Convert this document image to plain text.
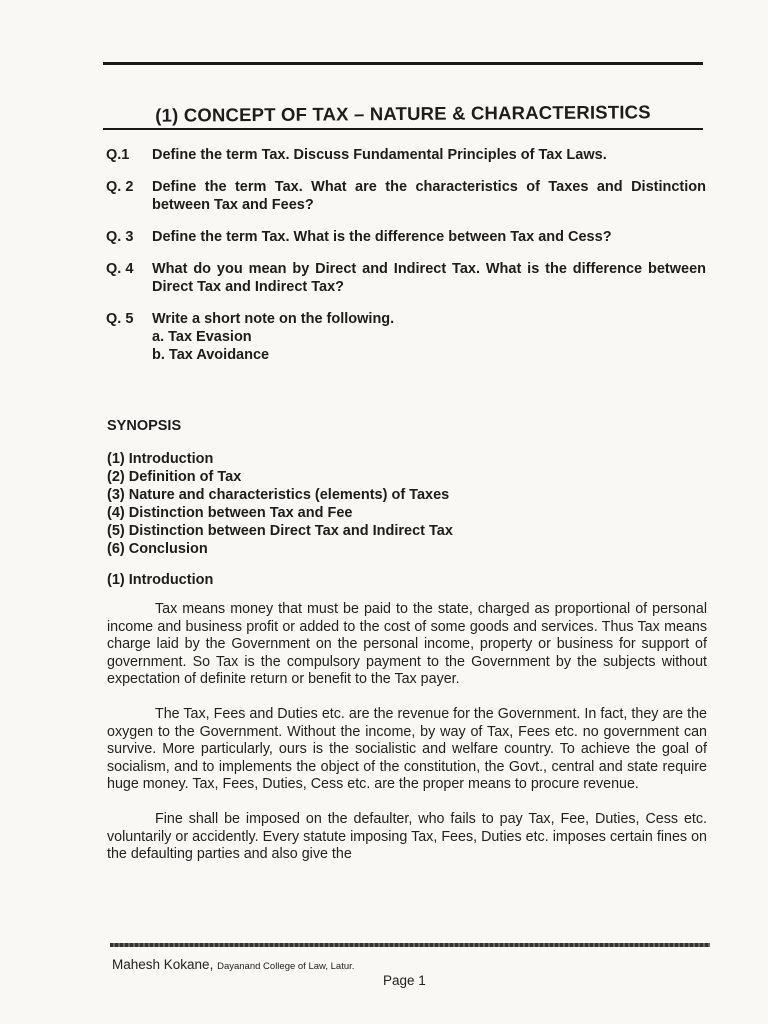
(1) CONCEPT OF TAX – NATURE & CHARACTERISTICS
Q.1	Define the term Tax. Discuss Fundamental Principles of Tax Laws.
Q. 2	Define the term Tax. What are the characteristics of Taxes and Distinction between Tax and Fees?
Q. 3	Define the term Tax. What is the difference between Tax and Cess?
Q. 4	What do you mean by Direct and Indirect Tax. What is the difference between Direct Tax and Indirect Tax?
Q. 5	Write a short note on the following.
a. Tax Evasion
b. Tax Avoidance
SYNOPSIS
(1) Introduction
(2) Definition of Tax
(3) Nature and characteristics (elements) of Taxes
(4) Distinction between Tax and Fee
(5) Distinction between Direct Tax and Indirect Tax
(6) Conclusion
(1) Introduction

Tax means money that must be paid to the state, charged as proportional of personal income and business profit or added to the cost of some goods and services. Thus Tax means charge laid by the Government on the personal income, property or business for support of government. So Tax is the compulsory payment to the Government by the subjects without expectation of definite return or benefit to the Tax payer.

The Tax, Fees and Duties etc. are the revenue for the Government. In fact, they are the oxygen to the Government. Without the income, by way of Tax, Fees etc. no government can survive. More particularly, ours is the socialistic and welfare country. To achieve the goal of socialism, and to implements the object of the constitution, the Govt., central and state require huge money. Tax, Fees, Duties, Cess etc. are the proper means to procure revenue.

Fine shall be imposed on the defaulter, who fails to pay Tax, Fee, Duties, Cess etc. voluntarily or accidently. Every statute imposing Tax, Fees, Duties etc. imposes certain fines on the defaulting parties and also give the

Mahesh Kokane, Dayanand College of Law, Latur.
Page 1
